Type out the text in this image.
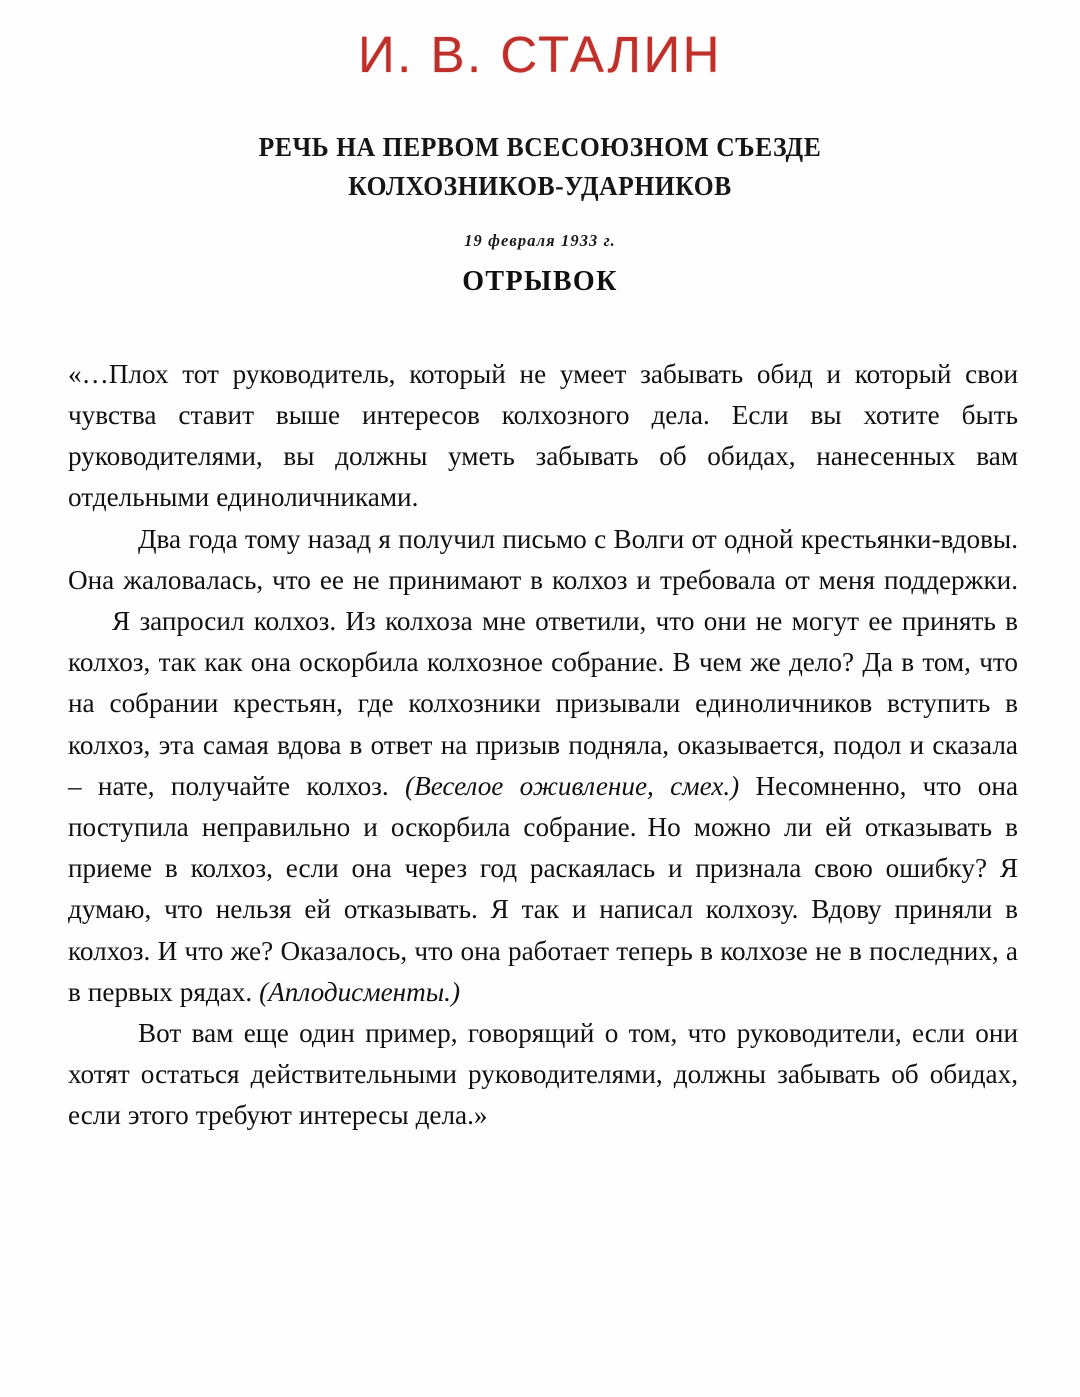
И. В. СТАЛИН
РЕЧЬ НА ПЕРВОМ ВСЕСОЮЗНОМ СЪЕЗДЕ
КОЛХОЗНИКОВ-УДАРНИКОВ
19 февраля 1933 г.
ОТРЫВОК

«…Плох тот руководитель, который не умеет забывать обид и который свои чувства ставит выше интересов колхозного дела. Если вы хотите быть руководителями, вы должны уметь забывать об обидах, нанесенных вам отдельными единоличниками.

Два года тому назад я получил письмо с Волги от одной крестьянки-вдовы. Она жаловалась, что ее не принимают в колхоз и требовала от меня поддержки.Я запросил колхоз. Из колхоза мне ответили, что они не могут ее принять в колхоз, так как она оскорбила колхозное собрание. В чем же дело? Да в том, что на собрании крестьян, где колхозники призывали единоличников вступить в колхоз, эта самая вдова в ответ на призыв подняла, оказывается, подол и сказала – нате, получайте колхоз. (Веселое оживление, смех.) Несомненно, что она поступила неправильно и оскорбила собрание. Но можно ли ей отказывать в приеме в колхоз, если она через год раскаялась и признала свою ошибку? Я думаю, что нельзя ей отказывать. Я так и написал колхозу. Вдову приняли в колхоз. И что же? Оказалось, что она работает теперь в колхозе не в последних, а в первых рядах. (Аплодисменты.)

Вот вам еще один пример, говорящий о том, что руководители, если они хотят остаться действительными руководителями, должны забывать об обидах, если этого требуют интересы дела.»
